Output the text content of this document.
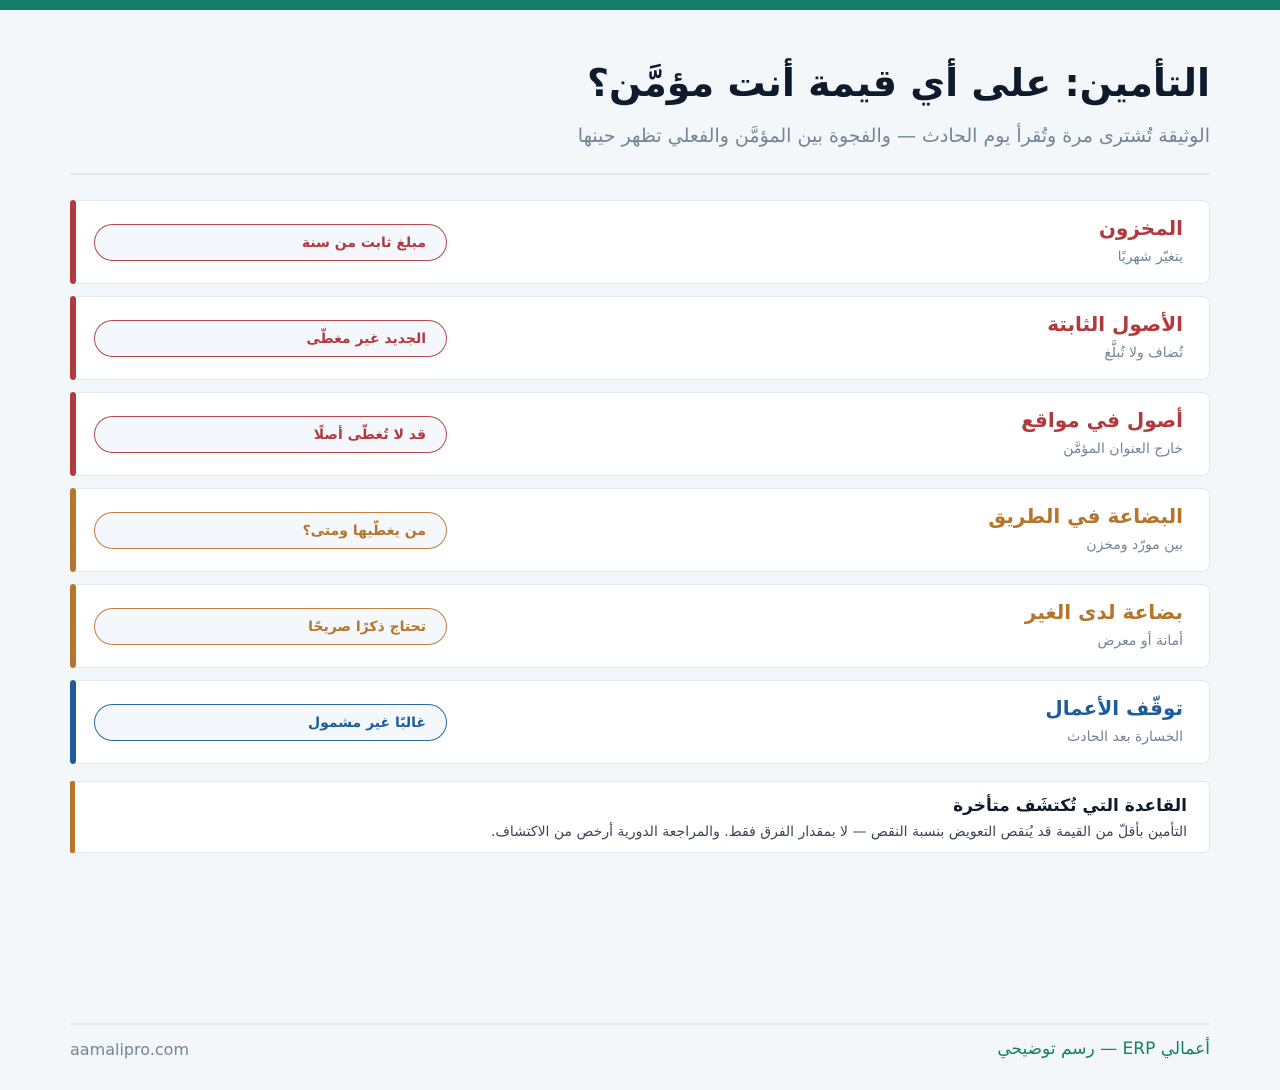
التأمين: على أي قيمة أنت مؤمَّن؟
الوثيقة تُشترى مرة وتُقرأ يوم الحادث — والفجوة بين المؤمَّن والفعلي تظهر حينها
المخزون
يتغيّر شهريًا
مبلغ ثابت من سنة
الأصول الثابتة
تُضاف ولا تُبلَّغ
الجديد غير مغطّى
أصول في مواقع
خارج العنوان المؤمَّن
قد لا تُغطّى أصلًا
البضاعة في الطريق
بين مورّد ومخزن
من يغطّيها ومتى؟
بضاعة لدى الغير
أمانة أو معرض
تحتاج ذكرًا صريحًا
توقّف الأعمال
الخسارة بعد الحادث
غالبًا غير مشمول
القاعدة التي تُكتشَف متأخرة
التأمين بأقلّ من القيمة قد يُنقص التعويض بنسبة النقص — لا بمقدار الفرق فقط. والمراجعة الدورية أرخص من الاكتشاف.
أعمالي ERP — رسم توضيحي
aamalipro.com
